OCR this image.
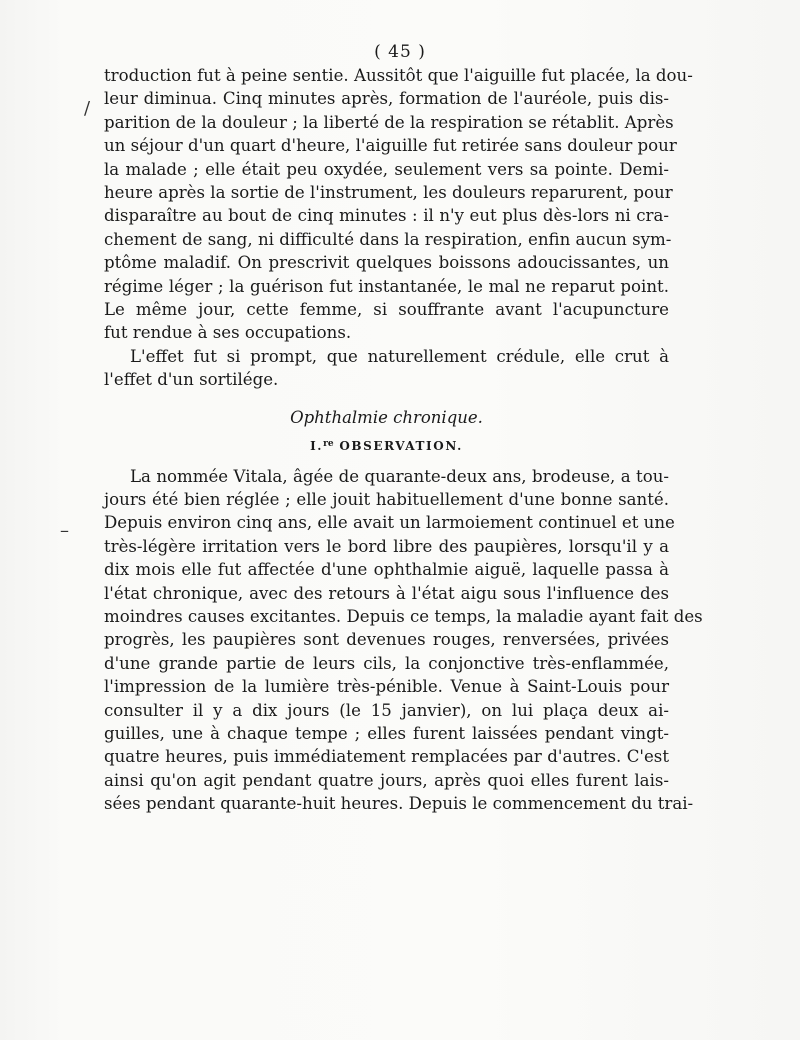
( 45 )
/
–
troduction fut à peine sentie. Aussitôt que l'aiguille fut placée, la dou-
leur diminua. Cinq minutes après, formation de l'auréole, puis dis-
parition de la douleur ; la liberté de la respiration se rétablit. Après
un séjour d'un quart d'heure, l'aiguille fut retirée sans douleur pour
la malade ; elle était peu oxydée, seulement vers sa pointe. Demi-
heure après la sortie de l'instrument, les douleurs reparurent, pour
disparaître au bout de cinq minutes : il n'y eut plus dès-lors ni cra-
chement de sang, ni difficulté dans la respiration, enfin aucun sym-
ptôme maladif. On prescrivit quelques boissons adoucissantes, un
régime léger ; la guérison fut instantanée, le mal ne reparut point.
Le même jour, cette femme, si souffrante avant l'acupuncture
fut rendue à ses occupations.
L'effet fut si prompt, que naturellement crédule, elle crut à
l'effet d'un sortilége.
Ophthalmie chronique.
I.$^{re}$ OBSERVATION.
La nommée Vitala, âgée de quarante-deux ans, brodeuse, a tou-
jours été bien réglée ; elle jouit habituellement d'une bonne santé.
Depuis environ cinq ans, elle avait un larmoiement continuel et une
très-légère irritation vers le bord libre des paupières, lorsqu'il y a
dix mois elle fut affectée d'une ophthalmie aiguë, laquelle passa à
l'état chronique, avec des retours à l'état aigu sous l'influence des
moindres causes excitantes. Depuis ce temps, la maladie ayant fait des
progrès, les paupières sont devenues rouges, renversées, privées
d'une grande partie de leurs cils, la conjonctive très-enflammée,
l'impression de la lumière très-pénible. Venue à Saint-Louis pour
consulter il y a dix jours (le 15 janvier), on lui plaça deux ai-
guilles, une à chaque tempe ; elles furent laissées pendant vingt-
quatre heures, puis immédiatement remplacées par d'autres. C'est
ainsi qu'on agit pendant quatre jours, après quoi elles furent lais-
sées pendant quarante-huit heures. Depuis le commencement du trai-
